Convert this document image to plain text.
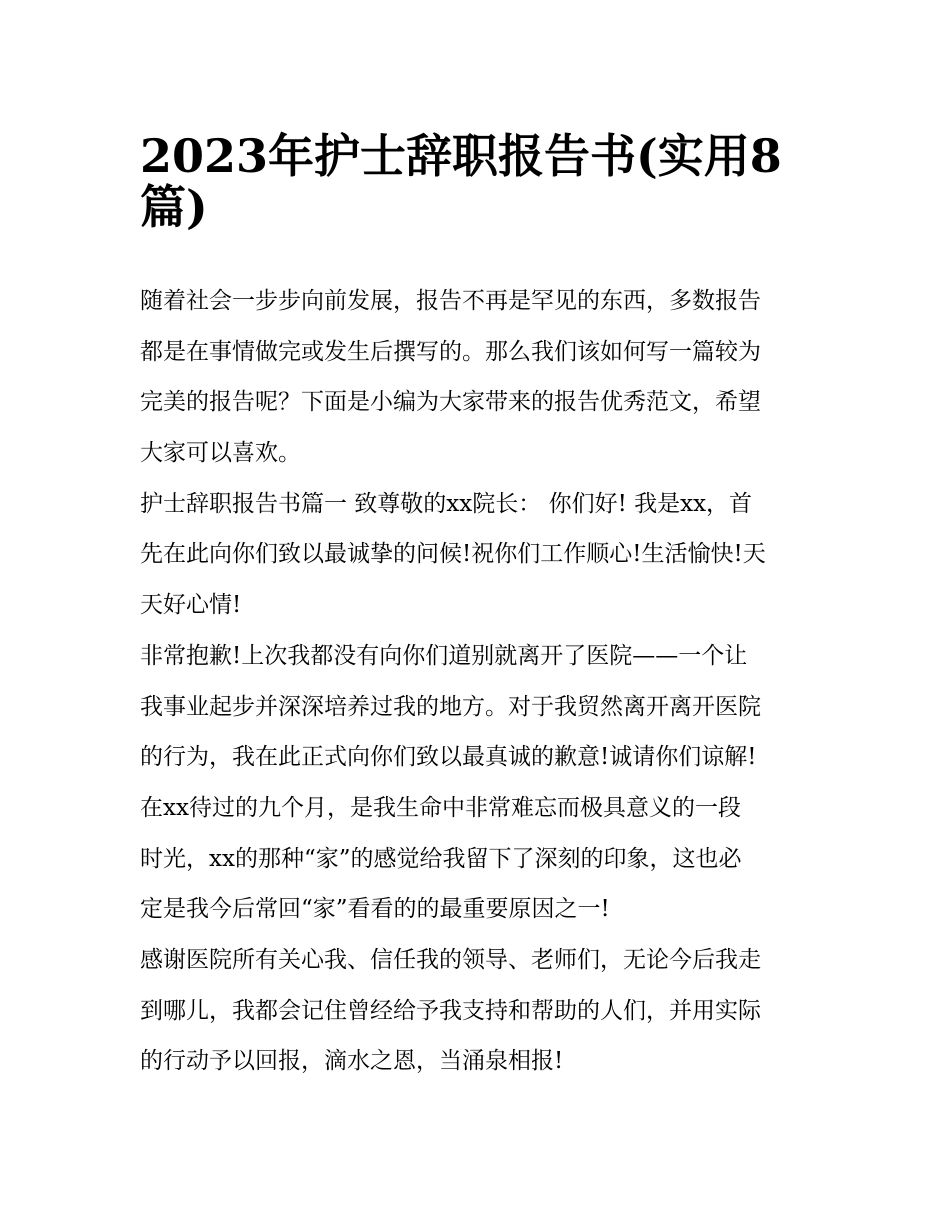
2023年护士辞职报告书(实用8
篇)

随着社会一步步向前发展，报告不再是罕见的东西，多数报告
都是在事情做完或发生后撰写的。那么我们该如何写一篇较为
完美的报告呢？下面是小编为大家带来的报告优秀范文，希望
大家可以喜欢。

护士辞职报告书篇一 致尊敬的xx院长： 你们好! 我是xx，首
先在此向你们致以最诚挚的问候!祝你们工作顺心!生活愉快!天
天好心情!

非常抱歉!上次我都没有向你们道别就离开了医院——一个让
我事业起步并深深培养过我的地方。对于我贸然离开离开医院
的行为，我在此正式向你们致以最真诚的歉意!诚请你们谅解!
在xx待过的九个月，是我生命中非常难忘而极具意义的一段
时光，xx的那种“家”的感觉给我留下了深刻的印象，这也必
定是我今后常回“家”看看的的最重要原因之一!

感谢医院所有关心我、信任我的领导、老师们，无论今后我走
到哪儿，我都会记住曾经给予我支持和帮助的人们，并用实际
的行动予以回报，滴水之恩，当涌泉相报!
